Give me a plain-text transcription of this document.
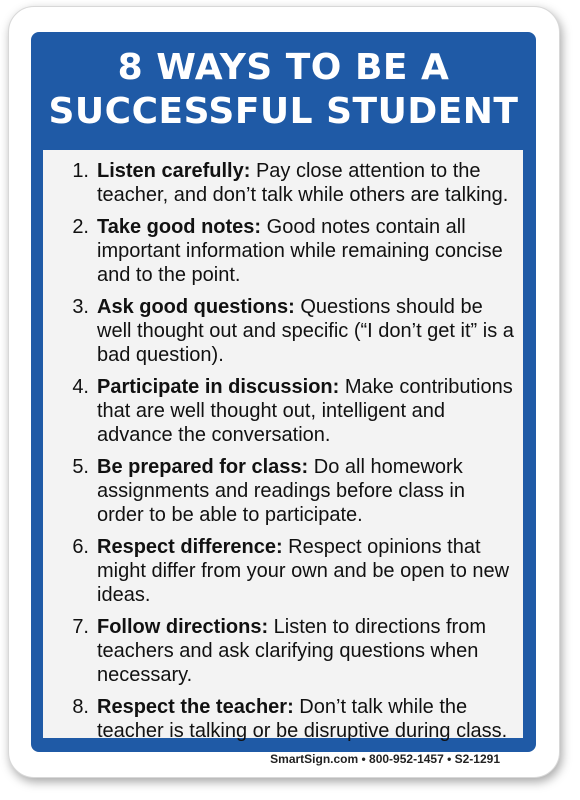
8 WAYS TO BE A
SUCCESSFUL STUDENT
1. Listen carefully: Pay close attention to the teacher, and don’t talk while others are talking.
2. Take good notes: Good notes contain all important information while remaining concise and to the point.
3. Ask good questions: Questions should be well thought out and specific (“I don’t get it” is a bad question).
4. Participate in discussion: Make contributions that are well thought out, intelligent and advance the conversation.
5. Be prepared for class: Do all homework assignments and readings before class in order to be able to participate.
6. Respect difference: Respect opinions that might differ from your own and be open to new ideas.
7. Follow directions: Listen to directions from teachers and ask clarifying questions when necessary.
8. Respect the teacher: Don’t talk while the teacher is talking or be disruptive during class.
SmartSign.com • 800-952-1457 • S2-1291
